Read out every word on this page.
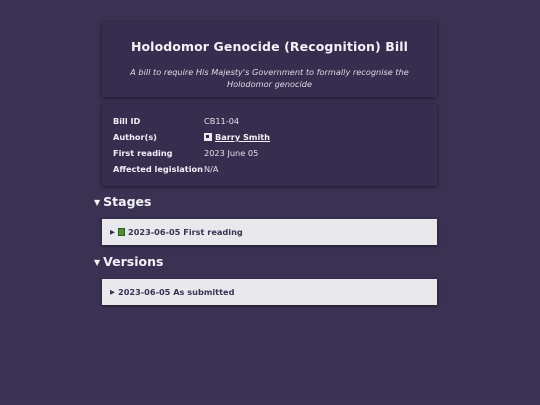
Holodomor Genocide (Recognition) Bill
A bill to require His Majesty's Government to formally recognise the Holodomor genocide
Bill ID	CB11-04
Author(s)	Barry Smith
First reading	2023 June 05
Affected legislation N/A
▼ Stages
▶ 2023-06-05 First reading
▼ Versions
▶ 2023-06-05 As submitted
